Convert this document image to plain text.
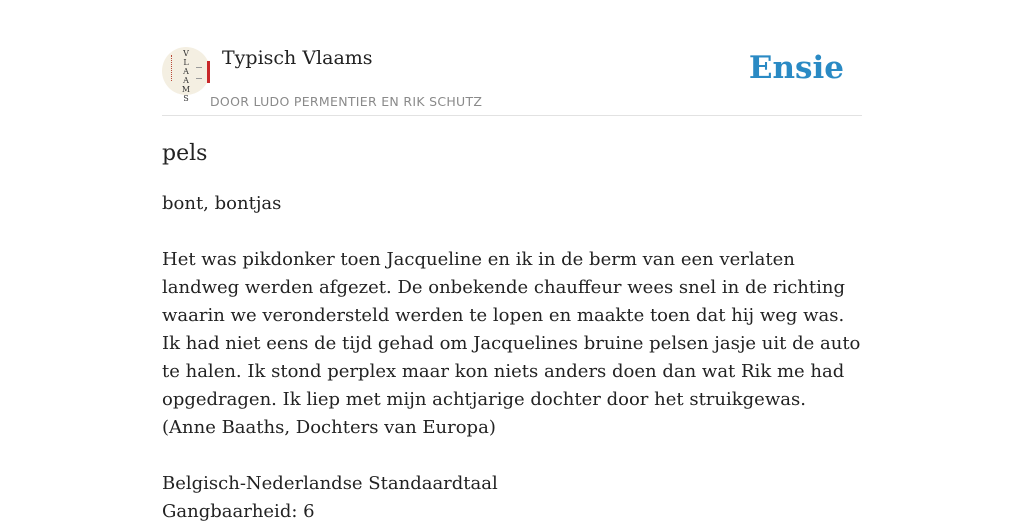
V
L
A
A
M
S
Typisch Vlaams
DOOR LUDO PERMENTIER EN RIK SCHUTZ
Ensie
pels

bont, bontjas

Het was pikdonker toen Jacqueline en ik in de berm van een verlaten landweg werden afgezet. De onbekende chauffeur wees snel in de richting waarin we verondersteld werden te lopen en maakte toen dat hij weg was. Ik had niet eens de tijd gehad om Jacquelines bruine pelsen jasje uit de auto te halen. Ik stond perplex maar kon niets anders doen dan wat Rik me had opgedragen. Ik liep met mijn achtjarige dochter door het struikgewas.
(Anne Baaths, Dochters van Europa)

Belgisch-Nederlandse Standaardtaal
Gangbaarheid: 6
